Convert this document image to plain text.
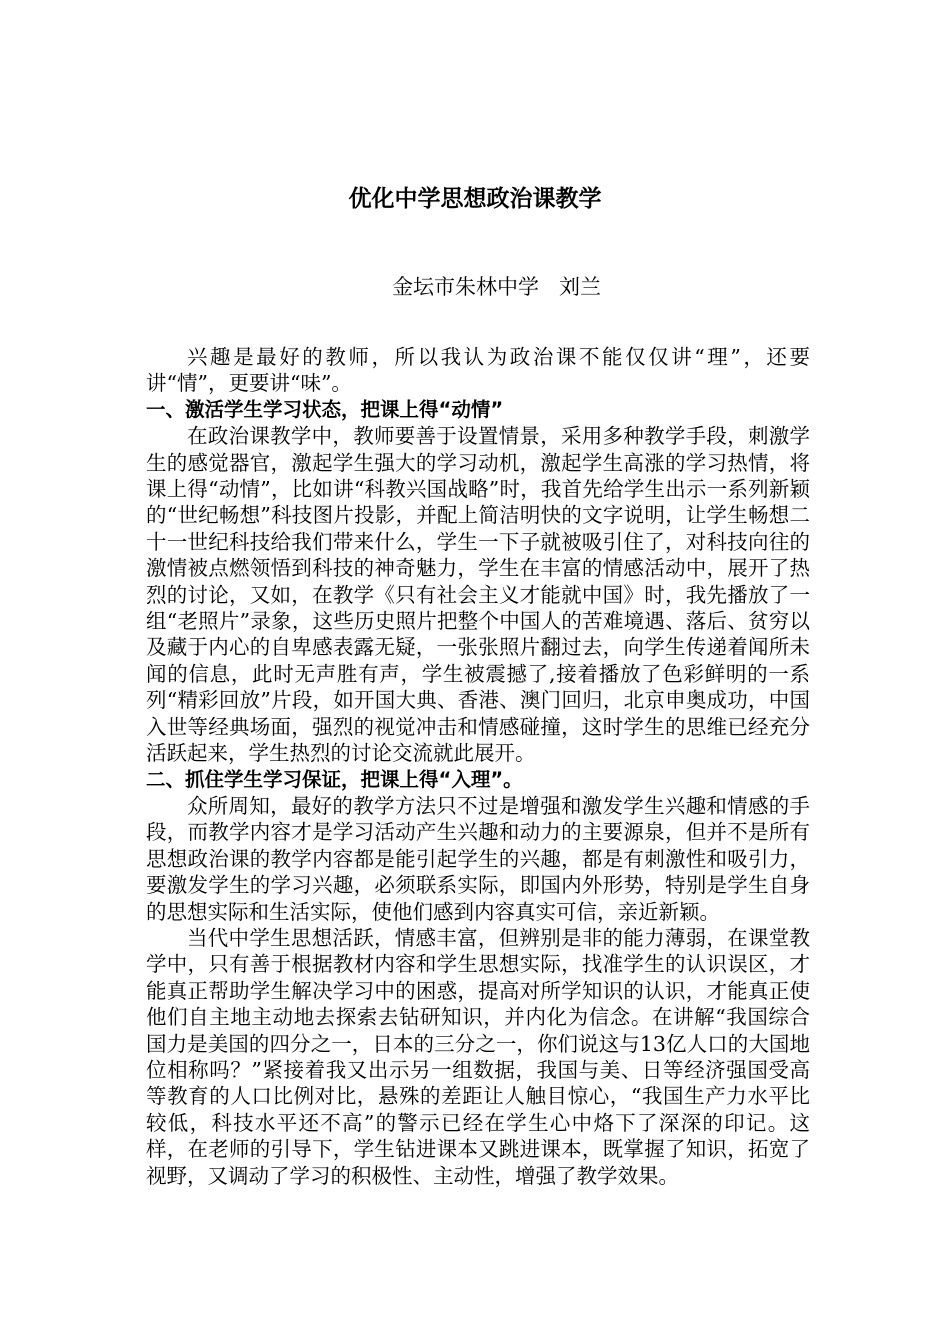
优化中学思想政治课教学

金坛市朱林中学   刘兰

兴趣是最好的教师，所以我认为政治课不能仅仅讲“理”，还要讲“情”，更要讲“味”。

一、激活学生学习状态，把课上得“动情”

在政治课教学中，教师要善于设置情景，采用多种教学手段，刺激学生的感觉器官，激起学生强大的学习动机，激起学生高涨的学习热情，将课上得“动情”，比如讲“科教兴国战略”时，我首先给学生出示一系列新颖的“世纪畅想”科技图片投影，并配上简洁明快的文字说明，让学生畅想二十一世纪科技给我们带来什么，学生一下子就被吸引住了，对科技向往的激情被点燃领悟到科技的神奇魅力，学生在丰富的情感活动中，展开了热烈的讨论，又如，在教学《只有社会主义才能就中国》时，我先播放了一组“老照片”录象，这些历史照片把整个中国人的苦难境遇、落后、贫穷以及藏于内心的自卑感表露无疑，一张张照片翻过去，向学生传递着闻所未闻的信息，此时无声胜有声，学生被震撼了,接着播放了色彩鲜明的一系列“精彩回放”片段，如开国大典、香港、澳门回归，北京申奥成功，中国入世等经典场面，强烈的视觉冲击和情感碰撞，这时学生的思维已经充分活跃起来，学生热烈的讨论交流就此展开。

二、抓住学生学习保证，把课上得“入理”。

众所周知，最好的教学方法只不过是增强和激发学生兴趣和情感的手段，而教学内容才是学习活动产生兴趣和动力的主要源泉，但并不是所有思想政治课的教学内容都是能引起学生的兴趣，都是有刺激性和吸引力，要激发学生的学习兴趣，必须联系实际，即国内外形势，特别是学生自身的思想实际和生活实际，使他们感到内容真实可信，亲近新颖。

当代中学生思想活跃，情感丰富，但辨别是非的能力薄弱，在课堂教学中，只有善于根据教材内容和学生思想实际，找准学生的认识误区，才能真正帮助学生解决学习中的困惑，提高对所学知识的认识，才能真正使他们自主地主动地去探索去钻研知识，并内化为信念。在讲解“我国综合国力是美国的四分之一，日本的三分之一，你们说这与13亿人口的大国地位相称吗？”紧接着我又出示另一组数据，我国与美、日等经济强国受高等教育的人口比例对比，悬殊的差距让人触目惊心，“我国生产力水平比较低，科技水平还不高”的警示已经在学生心中烙下了深深的印记。这样，在老师的引导下，学生钻进课本又跳进课本，既掌握了知识，拓宽了视野，又调动了学习的积极性、主动性，增强了教学效果。
